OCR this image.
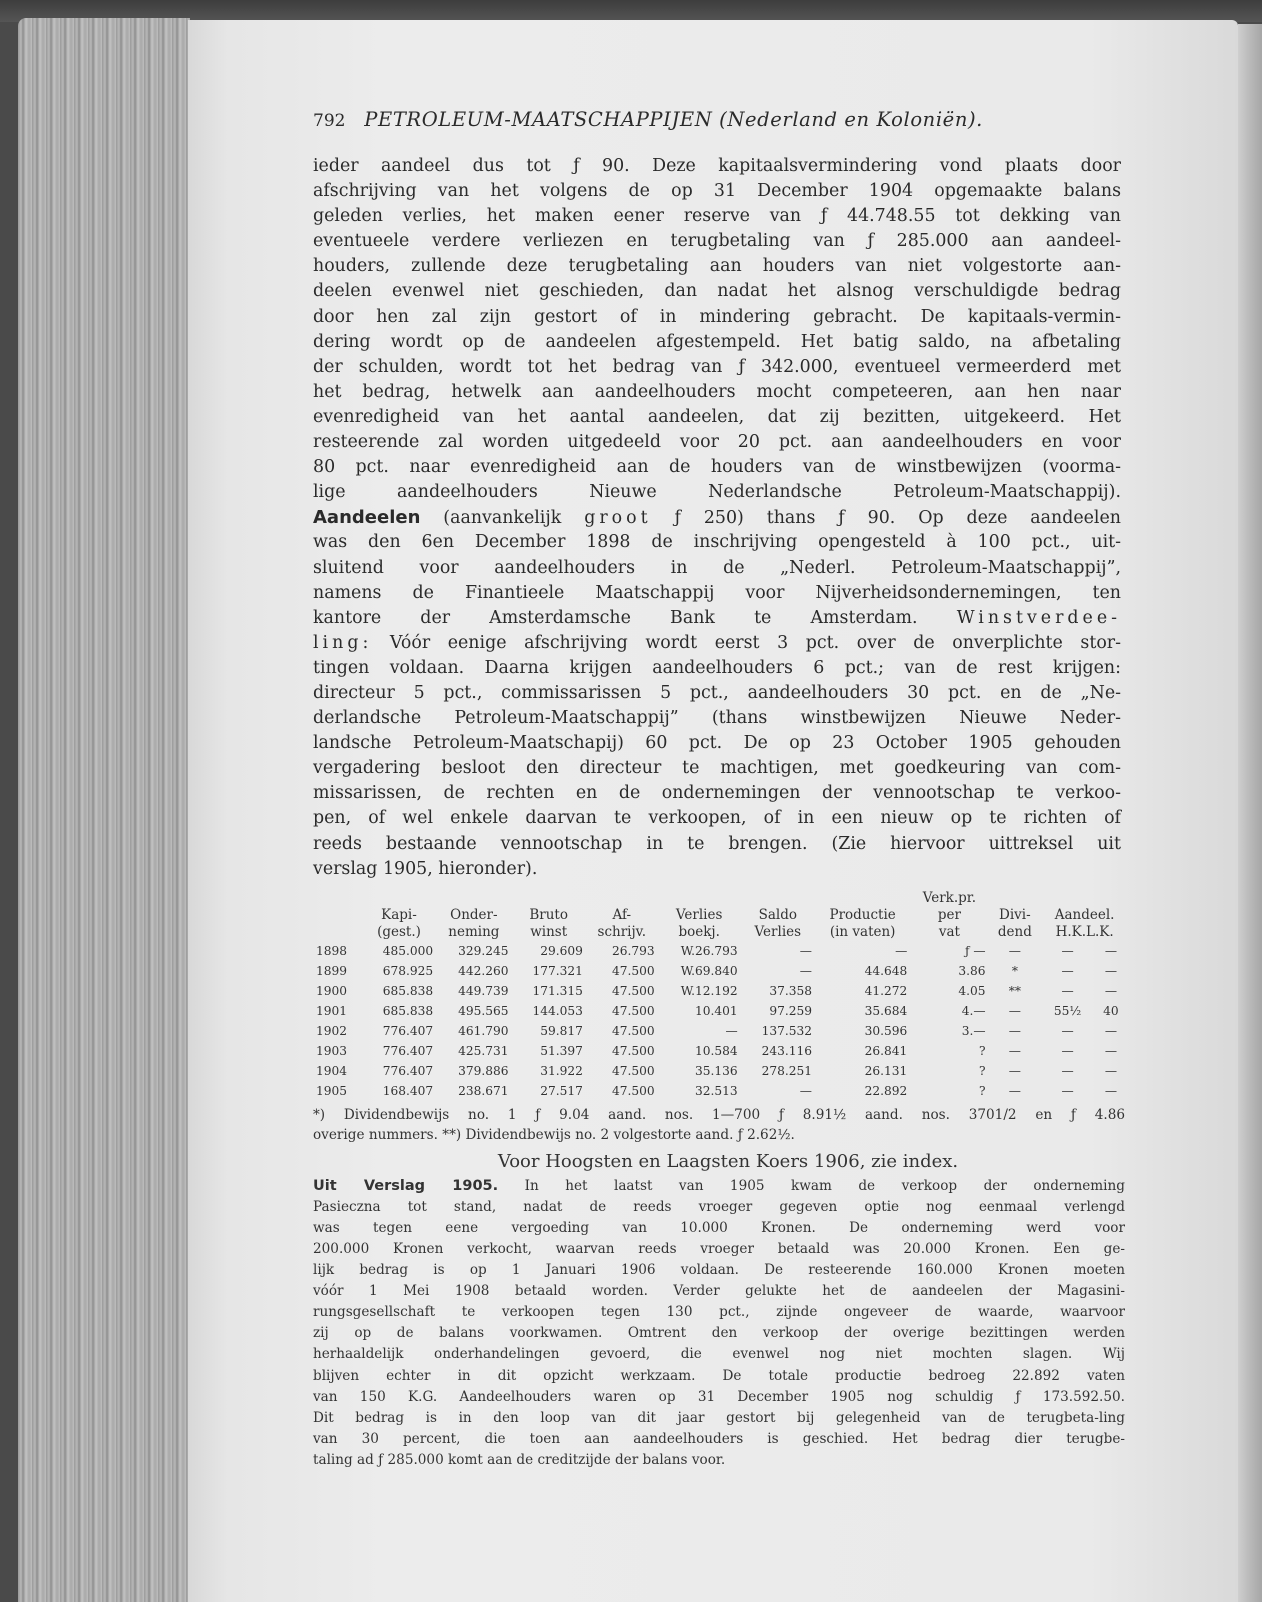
792 PETROLEUM-MAATSCHAPPIJEN (Nederland en Koloniën).
ieder aandeel dus tot ƒ 90. Deze kapitaalsvermindering vond plaats door
afschrijving van het volgens de op 31 December 1904 opgemaakte balans
geleden verlies, het maken eener reserve van ƒ 44.748.55 tot dekking van
eventueele verdere verliezen en terugbetaling van ƒ 285.000 aan aandeel-
houders, zullende deze terugbetaling aan houders van niet volgestorte aan-
deelen evenwel niet geschieden, dan nadat het alsnog verschuldigde bedrag
door hen zal zijn gestort of in mindering gebracht. De kapitaals-vermin-
dering wordt op de aandeelen afgestempeld. Het batig saldo, na afbetaling
der schulden, wordt tot het bedrag van ƒ 342.000, eventueel vermeerderd met
het bedrag, hetwelk aan aandeelhouders mocht competeeren, aan hen naar
evenredigheid van het aantal aandeelen, dat zij bezitten, uitgekeerd. Het
resteerende zal worden uitgedeeld voor 20 pct. aan aandeelhouders en voor
80 pct. naar evenredigheid aan de houders van de winstbewijzen (voorma-
lige aandeelhouders Nieuwe Nederlandsche Petroleum-Maatschappij).
Aandeelen (aanvankelijk groot ƒ 250) thans ƒ 90. Op deze aandeelen
was den 6en December 1898 de inschrijving opengesteld à 100 pct., uit-
sluitend voor aandeelhouders in de „Nederl. Petroleum-Maatschappij”,
namens de Finantieele Maatschappij voor Nijverheidsondernemingen, ten
kantore der Amsterdamsche Bank te Amsterdam. Winstverdee-
ling: Vóór eenige afschrijving wordt eerst 3 pct. over de onverplichte stor-
tingen voldaan. Daarna krijgen aandeelhouders 6 pct.; van de rest krijgen:
directeur 5 pct., commissarissen 5 pct., aandeelhouders 30 pct. en de „Ne-
derlandsche Petroleum-Maatschappij” (thans winstbewijzen Nieuwe Neder-
landsche Petroleum-Maatschapij) 60 pct. De op 23 October 1905 gehouden
vergadering besloot den directeur te machtigen, met goedkeuring van com-
missarissen, de rechten en de ondernemingen der vennootschap te verkoo-
pen, of wel enkele daarvan te verkoopen, of in een nieuw op te richten of
reeds bestaande vennootschap in te brengen. (Zie hiervoor uittreksel uit
verslag 1905, hieronder).
								Verk.pr.			
	Kapi-	Onder-	Bruto	Af-	Verlies	Saldo	Productie	per	Divi-	Aandeel.	
	(gest.)	neming	winst	schrijv.	boekj.	Verlies	(in vaten)	vat	dend	H.K.L.K.	
1898	485.000	329.245	29.609	26.793	W.26.793	—	—	ƒ —	—	—	—
1899	678.925	442.260	177.321	47.500	W.69.840	—	44.648	3.86	*	—	—
1900	685.838	449.739	171.315	47.500	W.12.192	37.358	41.272	4.05	**	—	—
1901	685.838	495.565	144.053	47.500	10.401	97.259	35.684	4.—	—	55½	40
1902	776.407	461.790	59.817	47.500	—	137.532	30.596	3.—	—	—	—
1903	776.407	425.731	51.397	47.500	10.584	243.116	26.841	?	—	—	—
1904	776.407	379.886	31.922	47.500	35.136	278.251	26.131	?	—	—	—
1905	168.407	238.671	27.517	47.500	32.513	—	22.892	?	—	—	—
*) Dividendbewijs no. 1 ƒ 9.04 aand. nos. 1—700 ƒ 8.91½ aand. nos. 3701/2 en ƒ 4.86
overige nummers. **) Dividendbewijs no. 2 volgestorte aand. ƒ 2.62½.
Voor Hoogsten en Laagsten Koers 1906, zie index.
Uit Verslag 1905. In het laatst van 1905 kwam de verkoop der onderneming
Pasieczna tot stand, nadat de reeds vroeger gegeven optie nog eenmaal verlengd
was tegen eene vergoeding van 10.000 Kronen. De onderneming werd voor
200.000 Kronen verkocht, waarvan reeds vroeger betaald was 20.000 Kronen. Een ge-
lijk bedrag is op 1 Januari 1906 voldaan. De resteerende 160.000 Kronen moeten
vóór 1 Mei 1908 betaald worden. Verder gelukte het de aandeelen der Magasini-
rungsgesellschaft te verkoopen tegen 130 pct., zijnde ongeveer de waarde, waarvoor
zij op de balans voorkwamen. Omtrent den verkoop der overige bezittingen werden
herhaaldelijk onderhandelingen gevoerd, die evenwel nog niet mochten slagen. Wij
blijven echter in dit opzicht werkzaam. De totale productie bedroeg 22.892 vaten
van 150 K.G. Aandeelhouders waren op 31 December 1905 nog schuldig ƒ 173.592.50.
Dit bedrag is in den loop van dit jaar gestort bij gelegenheid van de terugbeta-ling
van 30 percent, die toen aan aandeelhouders is geschied. Het bedrag dier terugbe-
taling ad ƒ 285.000 komt aan de creditzijde der balans voor.
